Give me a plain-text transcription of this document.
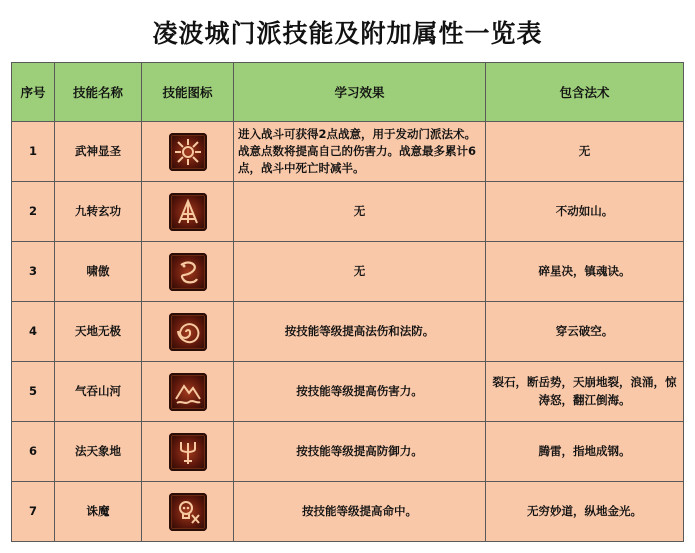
凌波城门派技能及附加属性一览表
序号	技能名称	技能图标	学习效果	包含法术
1	武神显圣		进入战斗可获得2点战意，用于发动门派法术。战意点数将提高自己的伤害力。战意最多累计6点，战斗中死亡时减半。	无
2	九转玄功		无	不动如山。
3	啸傲		无	碎星决，镇魂诀。
4	天地无极		按技能等级提高法伤和法防。	穿云破空。
5	气吞山河		按技能等级提高伤害力。	裂石，断岳势，天崩地裂，浪涌，惊涛怒，翻江倒海。
6	法天象地		按技能等级提高防御力。	腾雷，指地成钢。
7	诛魔		按技能等级提高命中。	无穷妙道，纵地金光。
